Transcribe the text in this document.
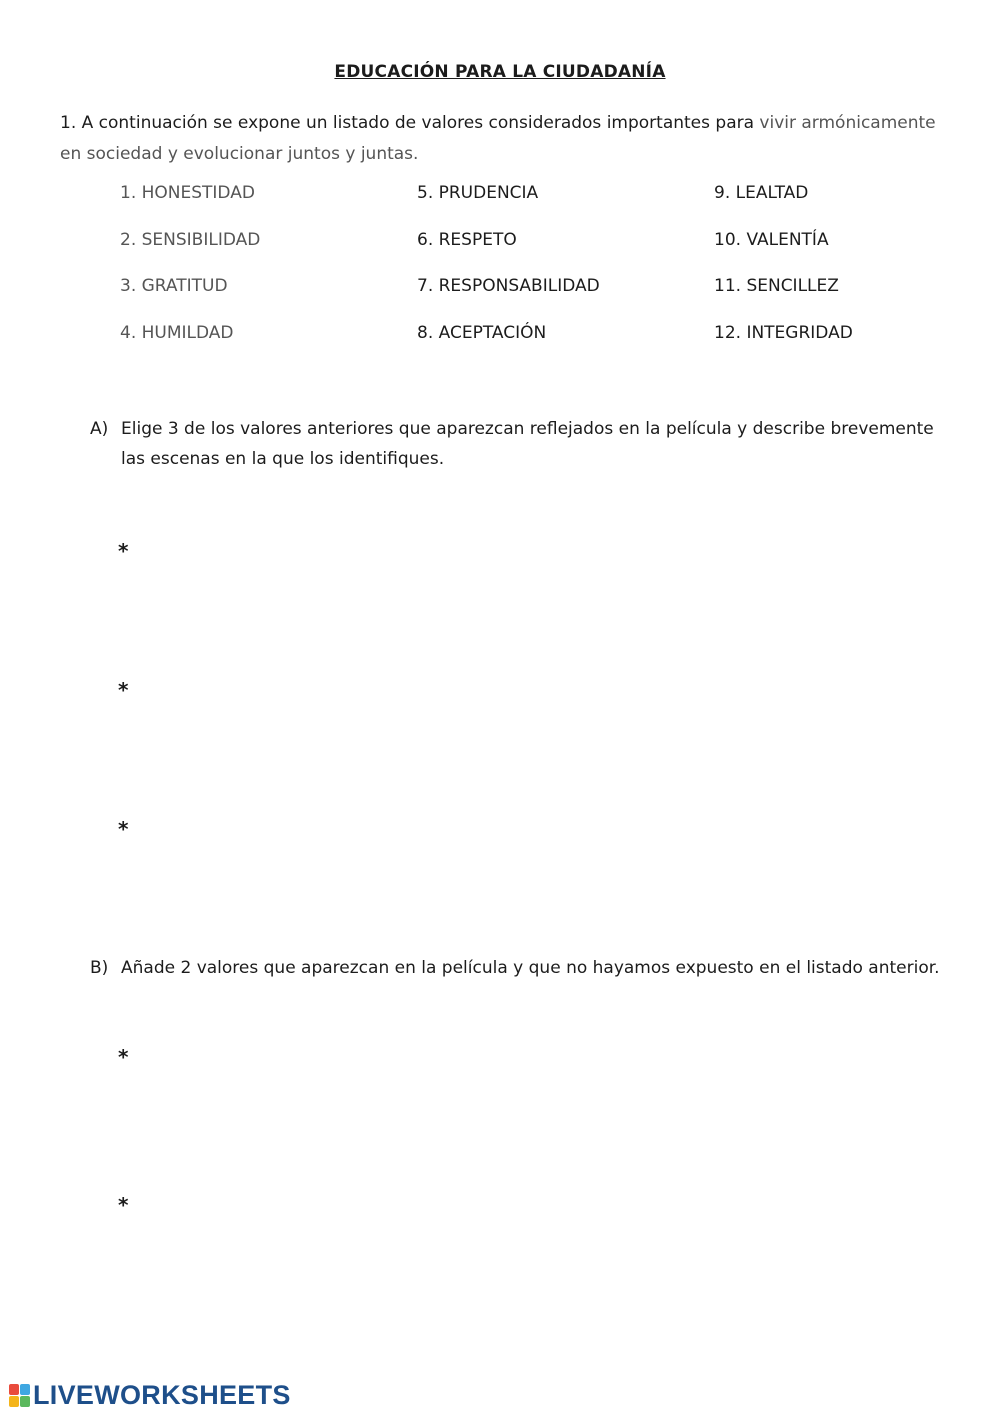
EDUCACIÓN PARA LA CIUDADANÍA
1. A continuación se expone un listado de valores considerados importantes para vivir armónicamente en sociedad y evolucionar juntos y juntas.
1. HONESTIDAD	5. PRUDENCIA	9. LEALTAD
2. SENSIBILIDAD	6. RESPETO	10. VALENTÍA
3. GRATITUD	7. RESPONSABILIDAD	11. SENCILLEZ
4. HUMILDAD	8. ACEPTACIÓN	12. INTEGRIDAD
A) Elige 3 de los valores anteriores que aparezcan reflejados en la película y describe brevemente las escenas en la que los identifiques.
*
*
*
B) Añade 2 valores que aparezcan en la película y que no hayamos expuesto en el listado anterior.
*
*
LIVEWORKSHEETS
